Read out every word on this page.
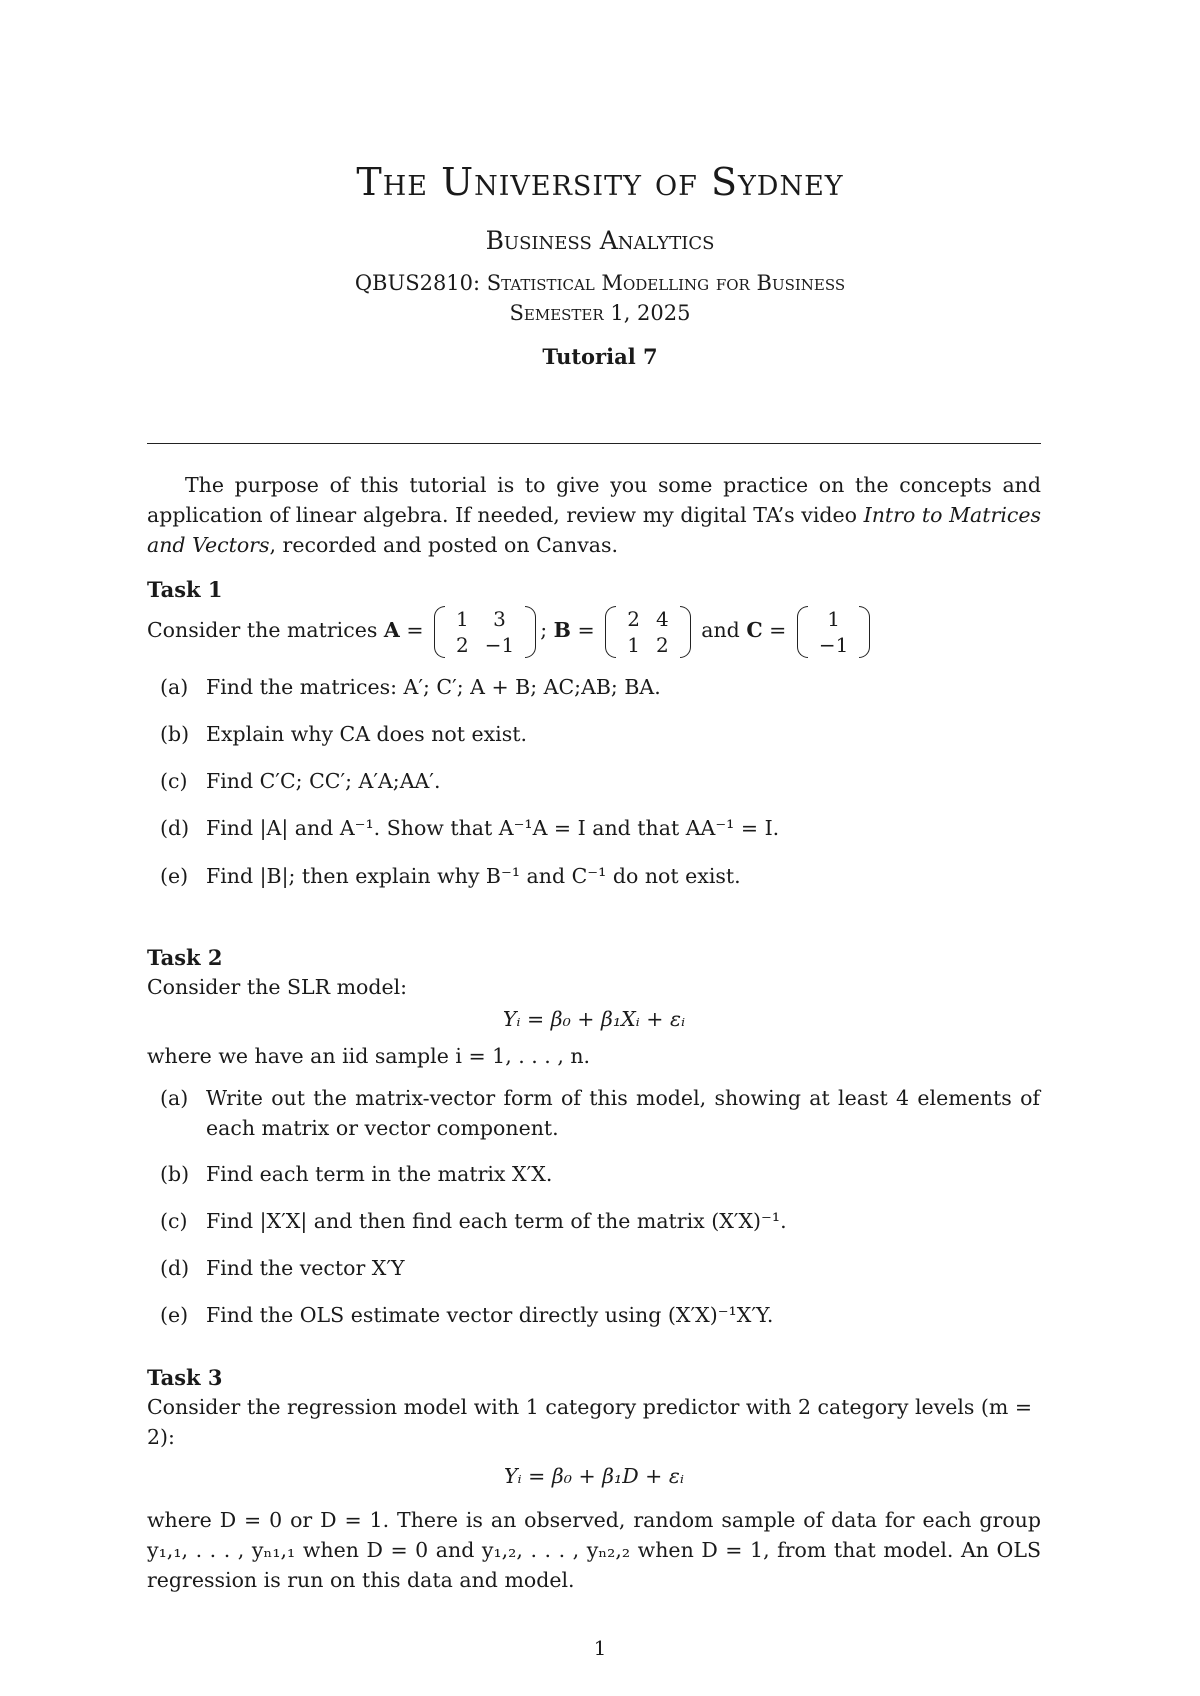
The University of Sydney
Business Analytics
QBUS2810: Statistical Modelling for Business
Semester 1, 2025
Tutorial 7
The purpose of this tutorial is to give you some practice on the concepts and application of linear algebra. If needed, review my digital TA’s video Intro to Matrices and Vectors, recorded and posted on Canvas.
Task 1
Consider the matrices A = 1	3
2	−1
; B = 2	4
1	2
and C = 1
−1
(a) Find the matrices: A′; C′; A + B; AC;AB; BA.
(b) Explain why CA does not exist.
(c) Find C′C; CC′; A′A;AA′.
(d) Find |A| and A⁻¹. Show that A⁻¹A = I and that AA⁻¹ = I.
(e) Find |B|; then explain why B⁻¹ and C⁻¹ do not exist.
Task 2
Consider the SLR model:
Yᵢ = β₀ + β₁Xᵢ + εᵢ
where we have an iid sample i = 1, . . . , n.
(a) Write out the matrix-vector form of this model, showing at least 4 elements of each matrix or vector component.
(b) Find each term in the matrix X′X.
(c) Find |X′X| and then find each term of the matrix (X′X)⁻¹.
(d) Find the vector X′Y
(e) Find the OLS estimate vector directly using (X′X)⁻¹X′Y.
Task 3
Consider the regression model with 1 category predictor with 2 category levels (m = 2):
Yᵢ = β₀ + β₁D + εᵢ
where D = 0 or D = 1. There is an observed, random sample of data for each group y₁,₁, . . . , yₙ₁,₁ when D = 0 and y₁,₂, . . . , yₙ₂,₂ when D = 1, from that model. An OLS regression is run on this data and model.
1
